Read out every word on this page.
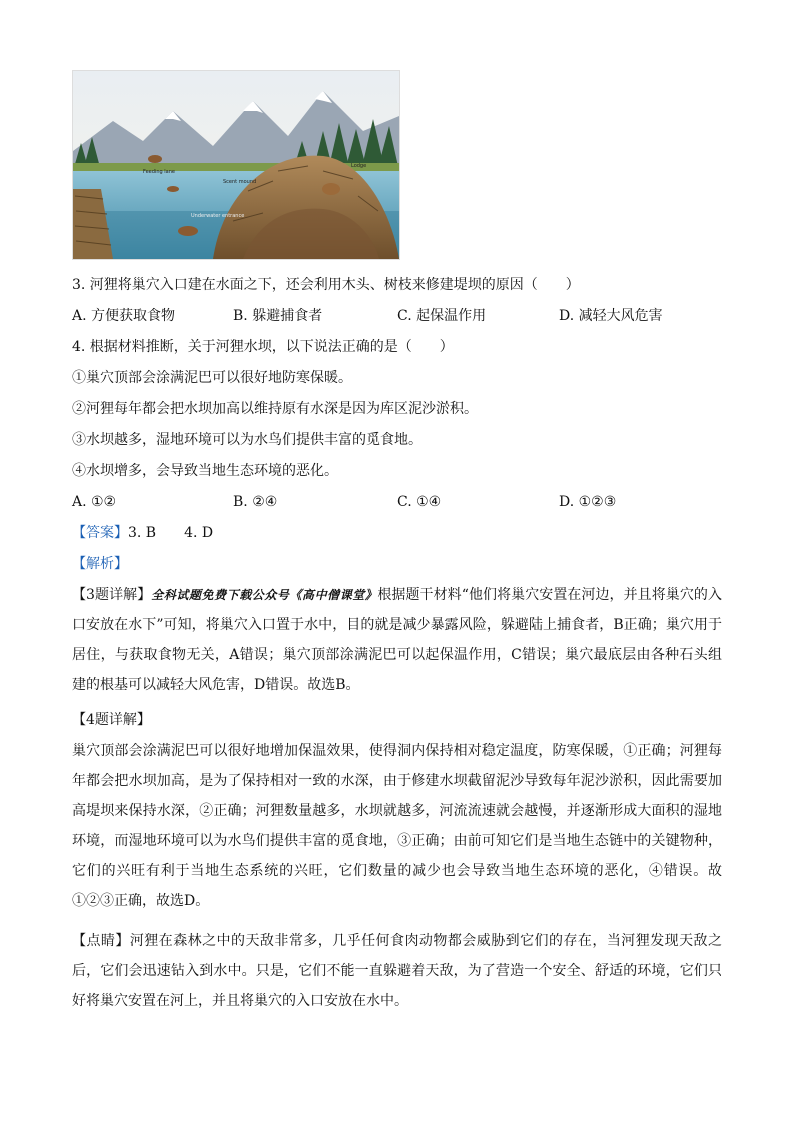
Feeding lane
Scent mound
Lodge
Underwater entrance
3. 河狸将巢穴入口建在水面之下，还会利用木头、树枝来修建堤坝的原因（　　）
A. 方便获取食物	B. 躲避捕食者	C. 起保温作用	D. 减轻大风危害
4. 根据材料推断，关于河狸水坝，以下说法正确的是（　　）
①巢穴顶部会涂满泥巴可以很好地防寒保暖。
②河狸每年都会把水坝加高以维持原有水深是因为库区泥沙淤积。
③水坝越多，湿地环境可以为水鸟们提供丰富的觅食地。
④水坝增多，会导致当地生态环境的恶化。
A. ①②	B. ②④	C. ①④	D. ①②③
【答案】3. B　　4. D
【解析】
【3题详解】全科试题免费下载公众号《高中僧课堂》根据题干材料“他们将巢穴安置在河边，并且将巢穴的入口安放在水下”可知，将巢穴入口置于水中，目的就是减少暴露风险，躲避陆上捕食者，B正确；巢穴用于居住，与获取食物无关，A错误；巢穴顶部涂满泥巴可以起保温作用，C错误；巢穴最底层由各种石头组建的根基可以减轻大风危害，D错误。故选B。
【4题详解】
巢穴顶部会涂满泥巴可以很好地增加保温效果，使得洞内保持相对稳定温度，防寒保暖，①正确；河狸每年都会把水坝加高，是为了保持相对一致的水深，由于修建水坝截留泥沙导致每年泥沙淤积，因此需要加高堤坝来保持水深，②正确；河狸数量越多，水坝就越多，河流流速就会越慢，并逐渐形成大面积的湿地环境，而湿地环境可以为水鸟们提供丰富的觅食地，③正确；由前可知它们是当地生态链中的关键物种，它们的兴旺有利于当地生态系统的兴旺，它们数量的减少也会导致当地生态环境的恶化，④错误。故①②③正确，故选D。
【点睛】河狸在森林之中的天敌非常多，几乎任何食肉动物都会威胁到它们的存在，当河狸发现天敌之后，它们会迅速钻入到水中。只是，它们不能一直躲避着天敌，为了营造一个安全、舒适的环境，它们只好将巢穴安置在河上，并且将巢穴的入口安放在水中。
